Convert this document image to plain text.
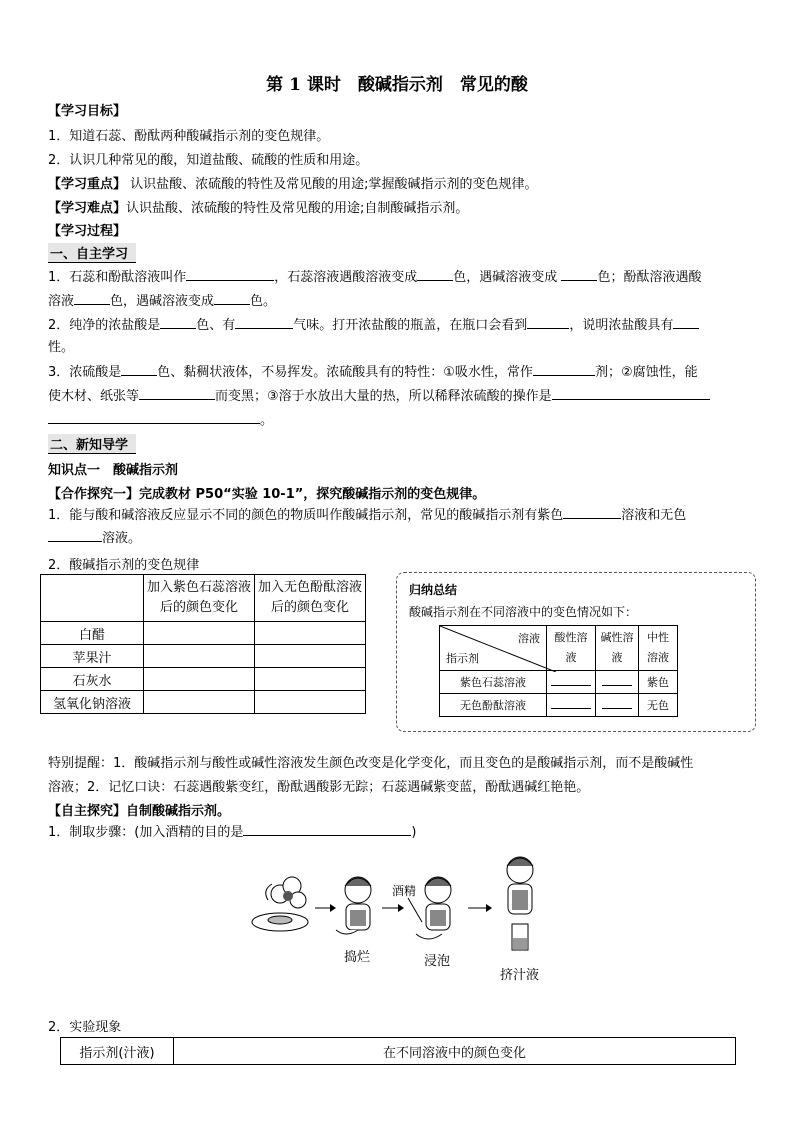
第 1 课时　酸碱指示剂　常见的酸
【学习目标】
1．知道石蕊、酚酞两种酸碱指示剂的变色规律。
2．认识几种常见的酸，知道盐酸、硫酸的性质和用途。
【学习重点】 认识盐酸、浓硫酸的特性及常见酸的用途;掌握酸碱指示剂的变色规律。
【学习难点】认识盐酸、浓硫酸的特性及常见酸的用途;自制酸碱指示剂。
【学习过程】
一、自主学习
1．石蕊和酚酞溶液叫作	，石蕊溶液遇酸溶液变成	色，遇碱溶液变成	色；酚酞溶液遇酸
溶液	色，遇碱溶液变成	色。
2．纯净的浓盐酸是	色、有	气味。打开浓盐酸的瓶盖，在瓶口会看到	，说明浓盐酸具有
性。
3．浓硫酸是	色、黏稠状液体，不易挥发。浓硫酸具有的特性：①吸水性，常作	剂；②腐蚀性，能
使木材、纸张等	而变黑；③溶于水放出大量的热，所以稀释浓硫酸的操作是
。
二、新知导学
知识点一　酸碱指示剂
【合作探究一】完成教材 P50“实验 10-1”，探究酸碱指示剂的变色规律。
1．能与酸和碱溶液反应显示不同的颜色的物质叫作酸碱指示剂，常见的酸碱指示剂有紫色	溶液和无色
溶液。
2．酸碱指示剂的变色规律
	加入紫色石蕊溶液后的颜色变化	加入无色酚酞溶液后的颜色变化
白醋		
苹果汁		
石灰水		
氢氧化钠溶液		
归纳总结
酸碱指示剂在不同溶液中的变色情况如下：
溶液
指示剂	酸性溶液	碱性溶液	中性溶液
紫色石蕊溶液			紫色
无色酚酞溶液			无色
特别提醒：1．酸碱指示剂与酸性或碱性溶液发生颜色改变是化学变化，而且变色的是酸碱指示剂，而不是酸碱性
溶液；2．记忆口诀：石蕊遇酸紫变红，酚酞遇酸影无踪；石蕊遇碱紫变蓝，酚酞遇碱红艳艳。
【自主探究】自制酸碱指示剂。
1．制取步骤：(加入酒精的目的是	)
酒精
捣烂	浸泡
挤汁液
2．实验现象
指示剂(汁液)	在不同溶液中的颜色变化
